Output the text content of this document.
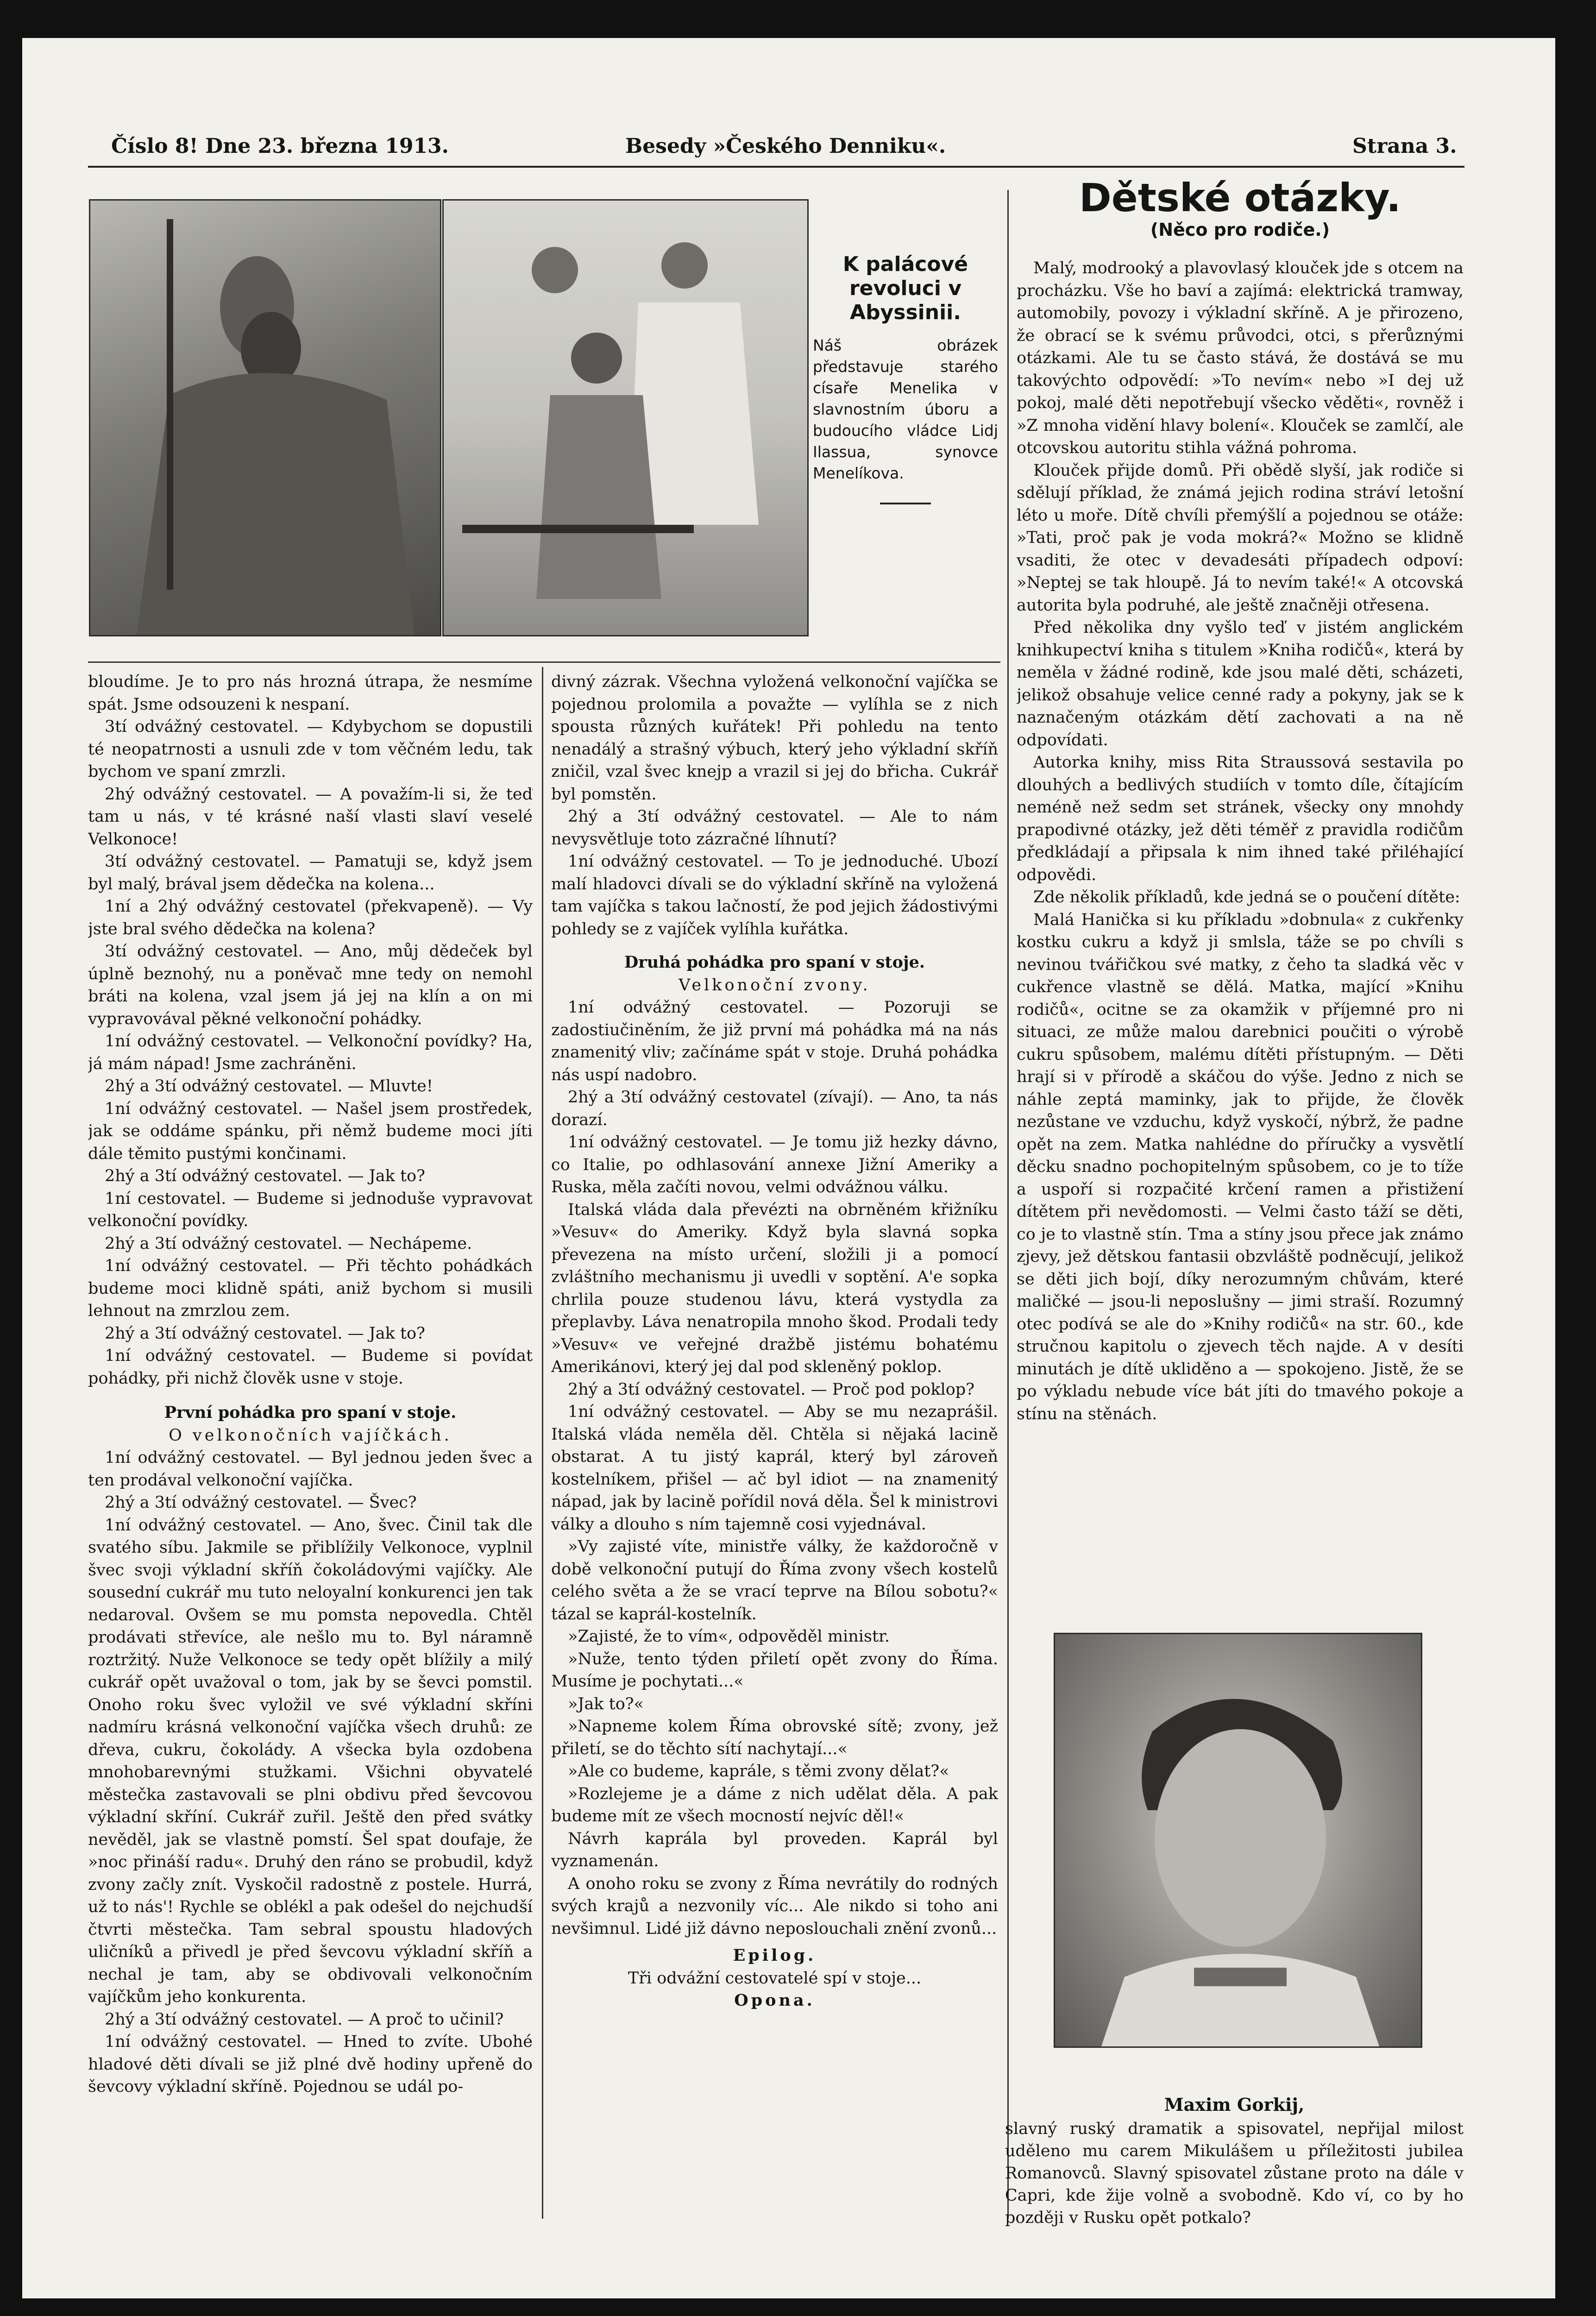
Číslo 8! Dne 23. března 1913.	Besedy »Českého Denniku«.	Strana 3.
K palácové revoluci v Abyssinii.
Náš obrázek představuje starého císaře Menelika v slavnostním úboru a budoucího vládce Lidj Ilassua, synovce Menelíkova.

bloudíme. Je to pro nás hrozná útrapa, že nesmíme spát. Jsme odsouzeni k nespaní.

3tí odvážný cestovatel. — Kdybychom se dopustili té neopatrnosti a usnuli zde v tom věčném ledu, tak bychom ve spaní zmrzli.

2hý odvážný cestovatel. — A považím-li si, že teď tam u nás, v té krásné naší vlasti slaví veselé Velkonoce!

3tí odvážný cestovatel. — Pamatuji se, když jsem byl malý, brával jsem dědečka na kolena...

1ní a 2hý odvážný cestovatel (překvapeně). — Vy jste bral svého dědečka na kolena?

3tí odvážný cestovatel. — Ano, můj dědeček byl úplně beznohý, nu a poněvač mne tedy on nemohl bráti na kolena, vzal jsem já jej na klín a on mi vypravovával pěkné velkonoční pohádky.

1ní odvážný cestovatel. — Velkonoční povídky? Ha, já mám nápad! Jsme zachráněni.

2hý a 3tí odvážný cestovatel. — Mluvte!

1ní odvážný cestovatel. — Našel jsem prostředek, jak se oddáme spánku, při němž budeme moci jíti dále těmito pustými končinami.

2hý a 3tí odvážný cestovatel. — Jak to?

1ní cestovatel. — Budeme si jednoduše vypravovat velkonoční povídky.

2hý a 3tí odvážný cestovatel. — Nechápeme.

1ní odvážný cestovatel. — Při těchto pohádkách budeme moci klidně spáti, aniž bychom si musili lehnout na zmrzlou zem.

2hý a 3tí odvážný cestovatel. — Jak to?

1ní odvážný cestovatel. — Budeme si povídat pohádky, při nichž člověk usne v stoje.

První pohádka pro spaní v stoje.

O velkonočních vajíčkách.

1ní odvážný cestovatel. — Byl jednou jeden švec a ten prodával velkonoční vajíčka.

2hý a 3tí odvážný cestovatel. — Švec?

1ní odvážný cestovatel. — Ano, švec. Činil tak dle svatého síbu. Jakmile se přiblížily Velkonoce, vyplnil švec svoji výkladní skříň čokoládovými vajíčky. Ale sousední cukrář mu tuto neloyalní konkurenci jen tak nedaroval. Ovšem se mu pomsta nepovedla. Chtěl prodávati střevíce, ale nešlo mu to. Byl náramně roztržitý. Nuže Velkonoce se tedy opět blížily a milý cukrář opět uvažoval o tom, jak by se ševci pomstil. Onoho roku švec vyložil ve své výkladní skříni nadmíru krásná velkonoční vajíčka všech druhů: ze dřeva, cukru, čokolády. A všecka byla ozdobena mnohobarevnými stužkami. Všichni obyvatelé městečka zastavovali se plni obdivu před ševcovou výkladní skříní. Cukrář zuřil. Ještě den před svátky nevěděl, jak se vlastně pomstí. Šel spat doufaje, že »noc přináší radu«. Druhý den ráno se probudil, když zvony začly znít. Vyskočil radostně z postele. Hurrá, už to nás'! Rychle se oblékl a pak odešel do nejchudší čtvrti městečka. Tam sebral spoustu hladových uličníků a přivedl je před ševcovu výkladní skříň a nechal je tam, aby se obdivovali velkonočním vajíčkům jeho konkurenta.

2hý a 3tí odvážný cestovatel. — A proč to učinil?

1ní odvážný cestovatel. — Hned to zvíte. Ubohé hladové děti dívali se již plné dvě hodiny upřeně do ševcovy výkladní skříně. Pojednou se udál po-

divný zázrak. Všechna vyložená velkonoční vajíčka se pojednou prolomila a považte — vylíhla se z nich spousta různých kuřátek! Při pohledu na tento nenadálý a strašný výbuch, který jeho výkladní skříň zničil, vzal švec knejp a vrazil si jej do břicha. Cukrář byl pomstěn.

2hý a 3tí odvážný cestovatel. — Ale to nám nevysvětluje toto zázračné líhnutí?

1ní odvážný cestovatel. — To je jednoduché. Ubozí malí hladovci dívali se do výkladní skříně na vyložená tam vajíčka s takou lačností, že pod jejich žádostivými pohledy se z vajíček vylíhla kuřátka.

Druhá pohádka pro spaní v stoje.

Velkonoční zvony.

1ní odvážný cestovatel. — Pozoruji se zadostiučiněním, že již první má pohádka má na nás znamenitý vliv; začínáme spát v stoje. Druhá pohádka nás uspí nadobro.

2hý a 3tí odvážný cestovatel (zívají). — Ano, ta nás dorazí.

1ní odvážný cestovatel. — Je tomu již hezky dávno, co Italie, po odhlasování annexe Jižní Ameriky a Ruska, měla začíti novou, velmi odvážnou válku.

Italská vláda dala převézti na obrněném křižníku »Vesuv« do Ameriky. Když byla slavná sopka převezena na místo určení, složili ji a pomocí zvláštního mechanismu ji uvedli v soptění. A'e sopka chrlila pouze studenou lávu, která vystydla za přeplavby. Láva nenatropila mnoho škod. Prodali tedy »Vesuv« ve veřejné dražbě jistému bohatému Amerikánovi, který jej dal pod skleněný poklop.

2hý a 3tí odvážný cestovatel. — Proč pod poklop?

1ní odvážný cestovatel. — Aby se mu nezaprášil. Italská vláda neměla děl. Chtěla si nějaká lacině obstarat. A tu jistý kaprál, který byl zároveň kostelníkem, přišel — ač byl idiot — na znamenitý nápad, jak by lacině pořídil nová děla. Šel k ministrovi války a dlouho s ním tajemně cosi vyjednával.

»Vy zajisté víte, ministře války, že každoročně v době velkonoční putují do Říma zvony všech kostelů celého světa a že se vrací teprve na Bílou sobotu?« tázal se kaprál-kostelník.

»Zajisté, že to vím«, odpověděl ministr.

»Nuže, tento týden přiletí opět zvony do Říma. Musíme je pochytati...«

»Jak to?«

»Napneme kolem Říma obrovské sítě; zvony, jež přiletí, se do těchto sítí nachytají...«

»Ale co budeme, kaprále, s těmi zvony dělat?«

»Rozlejeme je a dáme z nich udělat děla. A pak budeme mít ze všech mocností nejvíc děl!«

Návrh kaprála byl proveden. Kaprál byl vyznamenán.

A onoho roku se zvony z Říma nevrátily do rodných svých krajů a nezvonily víc... Ale nikdo si toho ani nevšimnul. Lidé již dávno neposlouchali znění zvonů...

Epilog.

Tři odvážní cestovatelé spí v stoje...

Opona.

Dětské otázky.
(Něco pro rodiče.)

Malý, modrooký a plavovlasý klouček jde s otcem na procházku. Vše ho baví a zajímá: elektrická tramway, automobily, povozy i výkladní skříně. A je přirozeno, že obrací se k svému průvodci, otci, s přerůznými otázkami. Ale tu se často stává, že dostává se mu takovýchto odpovědí: »To nevím« nebo »I dej už pokoj, malé děti nepotřebují všecko věděti«, rovněž i »Z mnoha vidění hlavy bolení«. Klouček se zamlčí, ale otcovskou autoritu stihla vážná pohroma.

Klouček přijde domů. Při obědě slyší, jak rodiče si sdělují příklad, že známá jejich rodina stráví letošní léto u moře. Dítě chvíli přemýšlí a pojednou se otáže: »Tati, proč pak je voda mokrá?« Možno se klidně vsaditi, že otec v devadesáti případech odpoví: »Neptej se tak hloupě. Já to nevím také!« A otcovská autorita byla podruhé, ale ještě značněji otřesena.

Před několika dny vyšlo teď v jistém anglickém knihkupectví kniha s titulem »Kniha rodičů«, která by neměla v žádné rodině, kde jsou malé děti, scházeti, jelikož obsahuje velice cenné rady a pokyny, jak se k naznačeným otázkám dětí zachovati a na ně odpovídati.

Autorka knihy, miss Rita Straussová sestavila po dlouhých a bedlivých studiích v tomto díle, čítajícím neméně než sedm set stránek, všecky ony mnohdy prapodivné otázky, jež děti téměř z pravidla rodičům předkládají a připsala k nim ihned také přiléhající odpovědi.

Zde několik příkladů, kde jedná se o poučení dítěte:

Malá Hanička si ku příkladu »dobnula« z cukřenky kostku cukru a když ji smlsla, táže se po chvíli s nevinou tvářičkou své matky, z čeho ta sladká věc v cukřence vlastně se dělá. Matka, mající »Knihu rodičů«, ocitne se za okamžik v příjemné pro ni situaci, ze může malou darebnici poučiti o výrobě cukru spůsobem, malému dítěti přístupným. — Děti hrají si v přírodě a skáčou do výše. Jedno z nich se náhle zeptá maminky, jak to přijde, že člověk nezůstane ve vzduchu, když vyskočí, nýbrž, že padne opět na zem. Matka nahlédne do příručky a vysvětlí děcku snadno pochopitelným spůsobem, co je to tíže a uspoří si rozpačité krčení ramen a přistižení dítětem při nevědomosti. — Velmi často táží se děti, co je to vlastně stín. Tma a stíny jsou přece jak známo zjevy, jež dětskou fantasii obzvláště podněcují, jelikož se děti jich bojí, díky nerozumným chůvám, které maličké — jsou-li neposlušny — jimi straší. Rozumný otec podívá se ale do »Knihy rodičů« na str. 60., kde stručnou kapitolu o zjevech těch najde. A v desíti minutách je dítě ukliděno a — spokojeno. Jistě, že se po výkladu nebude více bát jíti do tmavého pokoje a stínu na stěnách.

Maxim Gorkij,
slavný ruský dramatik a spisovatel, nepřijal milost uděleno mu carem Mikulášem u příležitosti jubilea Romanovců. Slavný spisovatel zůstane proto na dále v Capri, kde žije volně a svobodně. Kdo ví, co by ho později v Rusku opět potkalo?
